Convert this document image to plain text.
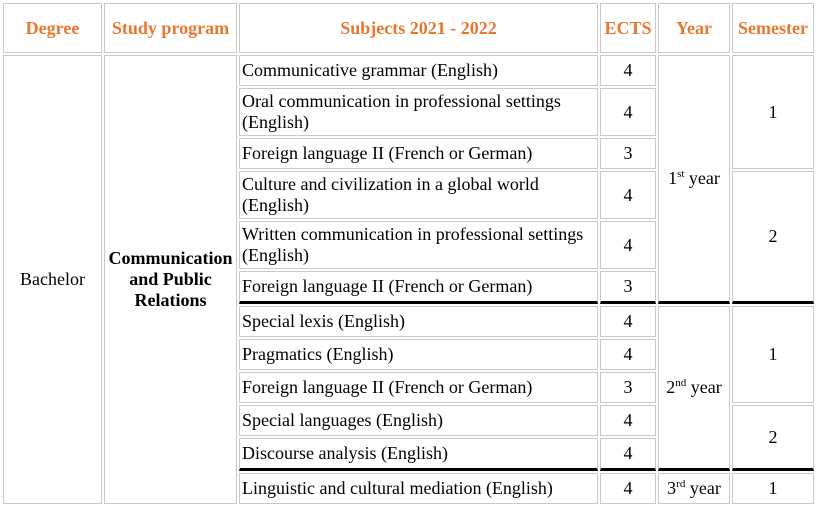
Degree	Study program	Subjects 2021 - 2022	ECTS	Year	Semester
Bachelor	Communication and Public Relations	Communicative grammar (English)	4	1st year	1
		Oral communication in professional settings (English)	4		
		Foreign language II (French or German)	3		
		Culture and civilization in a global world (English)	4		2
		Written communication in professional settings (English)	4		
		Foreign language II (French or German)	3		
		Special lexis (English)	4	2nd year	1
		Pragmatics (English)	4		
		Foreign language II (French or German)	3		
		Special languages (English)	4		2
		Discourse analysis (English)	4		
		Linguistic and cultural mediation (English)	4	3rd year	1
